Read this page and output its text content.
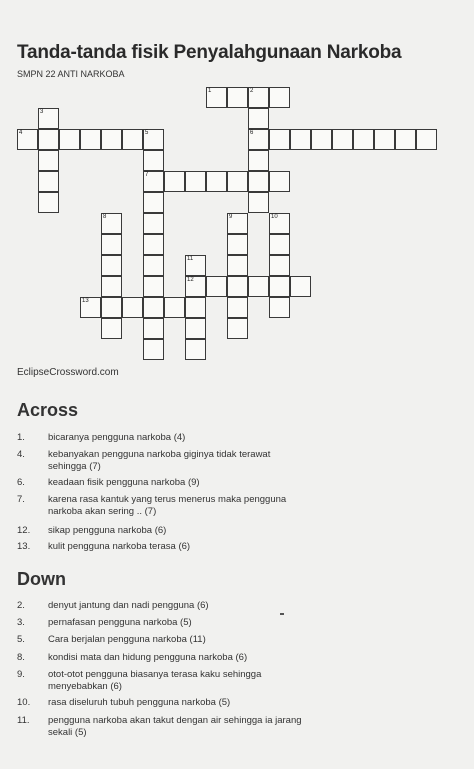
Tanda-tanda fisik Penyalahgunaan Narkoba
SMPN 22 ANTI NARKOBA
1	2
6
3
4	5
7
8	9	10
11
12
13
EclipseCrossword.com
Across
1. bicaranya pengguna narkoba (4)
4. kebanyakan pengguna narkoba giginya tidak terawat sehingga (7)
6. keadaan fisik pengguna narkoba (9)
7. karena rasa kantuk yang terus menerus maka pengguna narkoba akan sering .. (7)
12. sikap pengguna narkoba (6)
13. kulit pengguna narkoba terasa (6)
Down
2. denyut jantung dan nadi pengguna (6)
3. pernafasan pengguna narkoba (5)
5. Cara berjalan pengguna narkoba (11)
8. kondisi mata dan hidung pengguna narkoba (6)
9. otot-otot pengguna biasanya terasa kaku sehingga menyebabkan (6)
10. rasa diseluruh tubuh pengguna narkoba (5)
11. pengguna narkoba akan takut dengan air sehingga ia jarang sekali (5)
